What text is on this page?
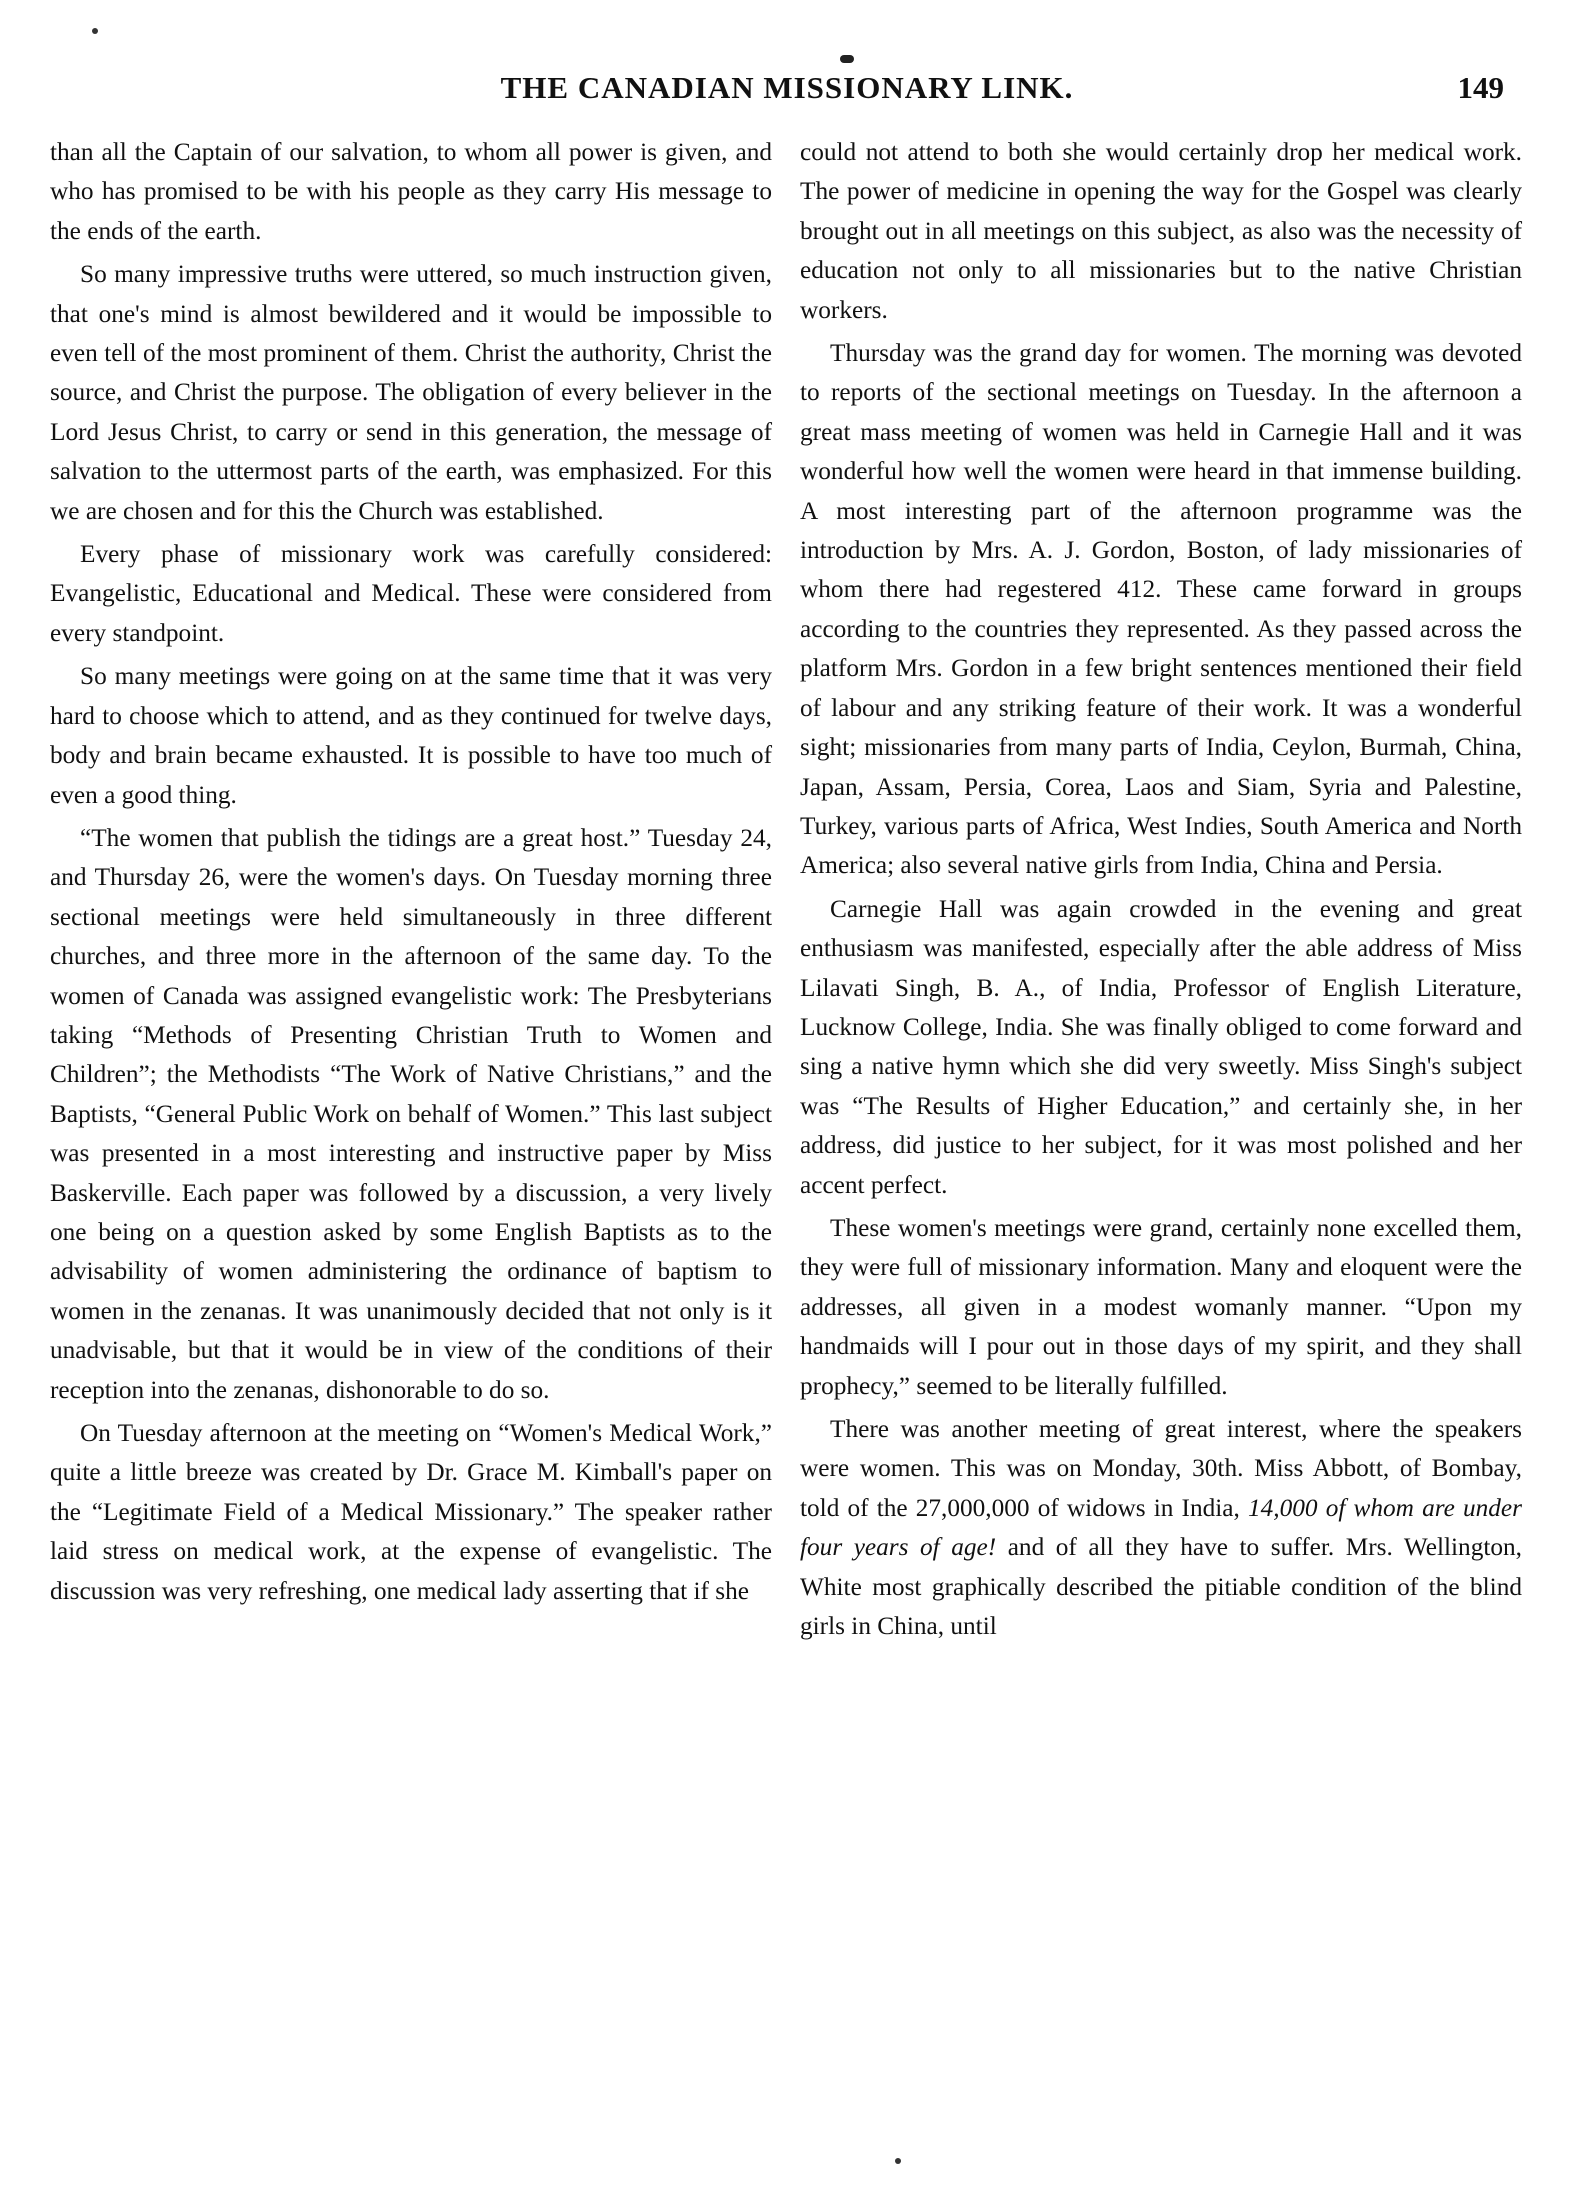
THE CANADIAN MISSIONARY LINK.	149

than all the Captain of our salvation, to whom all power is given, and who has promised to be with his people as they carry His message to the ends of the earth.

So many impressive truths were uttered, so much instruction given, that one's mind is almost bewildered and it would be impossible to even tell of the most prominent of them. Christ the authority, Christ the source, and Christ the purpose. The obligation of every believer in the Lord Jesus Christ, to carry or send in this generation, the message of salvation to the uttermost parts of the earth, was emphasized. For this we are chosen and for this the Church was established.

Every phase of missionary work was carefully considered: Evangelistic, Educational and Medical. These were considered from every standpoint.

So many meetings were going on at the same time that it was very hard to choose which to attend, and as they continued for twelve days, body and brain became exhausted. It is possible to have too much of even a good thing.

“The women that publish the tidings are a great host.” Tuesday 24, and Thursday 26, were the women's days. On Tuesday morning three sectional meetings were held simultaneously in three different churches, and three more in the afternoon of the same day. To the women of Canada was assigned evangelistic work: The Presbyterians taking “Methods of Presenting Christian Truth to Women and Children”; the Methodists “The Work of Native Christians,” and the Baptists, “General Public Work on behalf of Women.” This last subject was presented in a most interesting and instructive paper by Miss Baskerville. Each paper was followed by a discussion, a very lively one being on a question asked by some English Baptists as to the advisability of women administering the ordinance of baptism to women in the zenanas. It was unanimously decided that not only is it unadvisable, but that it would be in view of the conditions of their reception into the zenanas, dishonorable to do so.

On Tuesday afternoon at the meeting on “Women's Medical Work,” quite a little breeze was created by Dr. Grace M. Kimball's paper on the “Legitimate Field of a Medical Missionary.” The speaker rather laid stress on medical work, at the expense of evangelistic. The discussion was very refreshing, one medical lady asserting that if she

could not attend to both she would certainly drop her medical work. The power of medicine in opening the way for the Gospel was clearly brought out in all meetings on this subject, as also was the necessity of education not only to all missionaries but to the native Christian workers.

Thursday was the grand day for women. The morning was devoted to reports of the sectional meetings on Tuesday. In the afternoon a great mass meeting of women was held in Carnegie Hall and it was wonderful how well the women were heard in that immense building. A most interesting part of the afternoon programme was the introduction by Mrs. A. J. Gordon, Boston, of lady missionaries of whom there had regestered 412. These came forward in groups according to the countries they represented. As they passed across the platform Mrs. Gordon in a few bright sentences mentioned their field of labour and any striking feature of their work. It was a wonderful sight; missionaries from many parts of India, Ceylon, Burmah, China, Japan, Assam, Persia, Corea, Laos and Siam, Syria and Palestine, Turkey, various parts of Africa, West Indies, South America and North America; also several native girls from India, China and Persia.

Carnegie Hall was again crowded in the evening and great enthusiasm was manifested, especially after the able address of Miss Lilavati Singh, B. A., of India, Professor of English Literature, Lucknow College, India. She was finally obliged to come forward and sing a native hymn which she did very sweetly. Miss Singh's subject was “The Results of Higher Education,” and certainly she, in her address, did justice to her subject, for it was most polished and her accent perfect.

These women's meetings were grand, certainly none excelled them, they were full of missionary information. Many and eloquent were the addresses, all given in a modest womanly manner. “Upon my handmaids will I pour out in those days of my spirit, and they shall prophecy,” seemed to be literally fulfilled.

There was another meeting of great interest, where the speakers were women. This was on Monday, 30th. Miss Abbott, of Bombay, told of the 27,000,000 of widows in India, 14,000 of whom are under four years of age! and of all they have to suffer. Mrs. Wellington, White most graphically described the pitiable condition of the blind girls in China, until
